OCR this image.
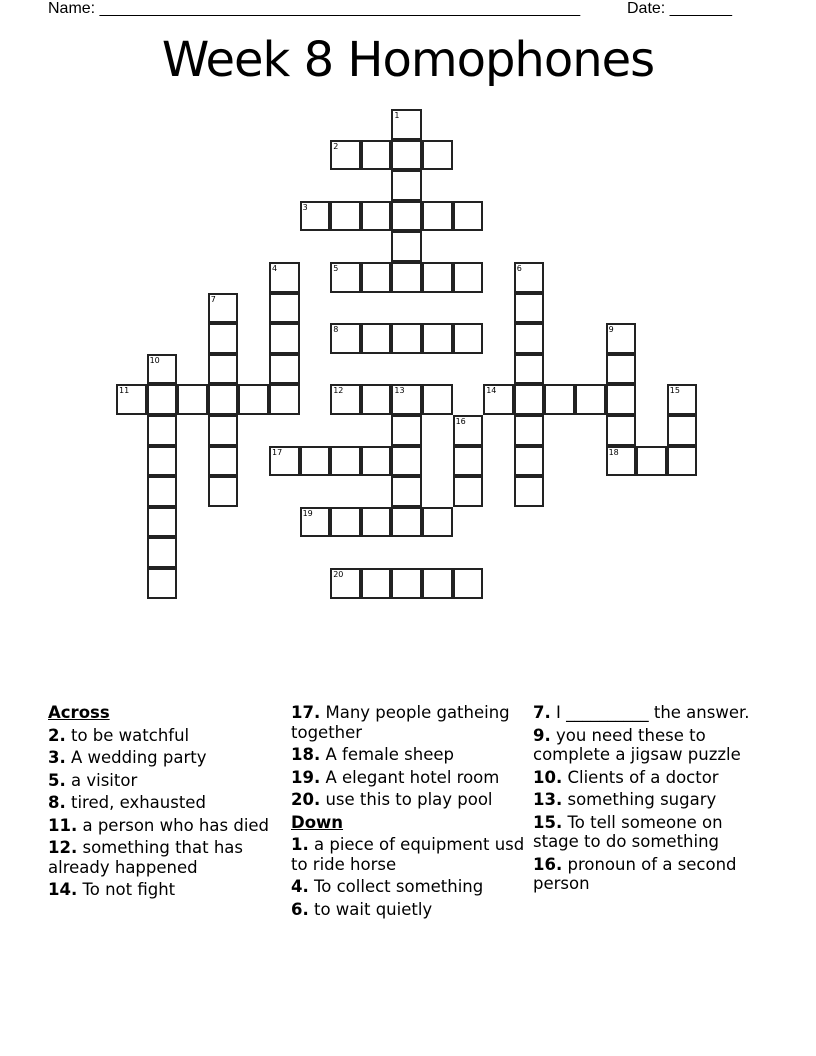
Name: ______________________________________________________	Date: _______
Week 8 Homophones
1
2
3
4	5	6
7
8	9
18
10
11	12	13	14	15
16
17
19
20
Across
2. to be watchful
3. A wedding party
5. a visitor
8. tired, exhausted
11. a person who has died
12. something that has already happened
14. To not fight
17. Many people gatheing together
18. A female sheep
19. A elegant hotel room
20. use this to play pool
Down
1. a piece of equipment usd to ride horse
4. To collect something
6. to wait quietly
7. I __________ the answer.
9. you need these to complete a jigsaw puzzle
10. Clients of a doctor
13. something sugary
15. To tell someone on stage to do something
16. pronoun of a second person
